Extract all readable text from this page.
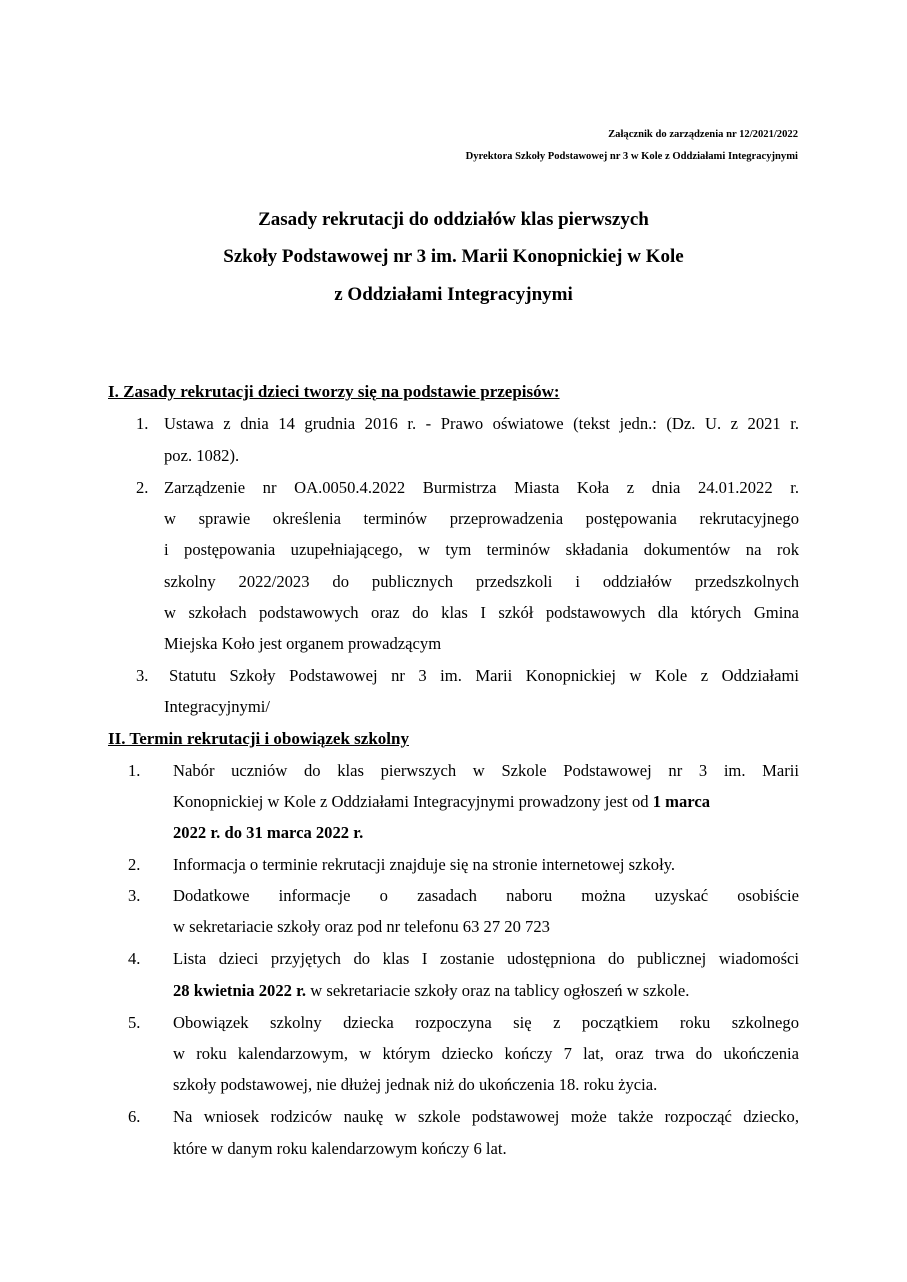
Załącznik do zarządzenia nr 12/2021/2022
Dyrektora Szkoły Podstawowej nr 3 w Kole z Oddziałami Integracyjnymi
Zasady rekrutacji do oddziałów klas pierwszych
Szkoły Podstawowej nr 3 im. Marii Konopnickiej w Kole
z Oddziałami Integracyjnymi
I. Zasady rekrutacji dzieci tworzy się na podstawie przepisów:
1. Ustawa z dnia 14 grudnia 2016 r. - Prawo oświatowe (tekst jedn.: (Dz. U. z 2021 r.
poz. 1082).
2. Zarządzenie nr OA.0050.4.2022 Burmistrza Miasta Koła z dnia 24.01.2022 r.
w sprawie określenia terminów przeprowadzenia postępowania rekrutacyjnego
i postępowania uzupełniającego, w tym terminów składania dokumentów na rok
szkolny 2022/2023 do publicznych przedszkoli i oddziałów przedszkolnych
w szkołach podstawowych oraz do klas I szkół podstawowych dla których Gmina
Miejska Koło jest organem prowadzącym
3. Statutu Szkoły Podstawowej nr 3 im. Marii Konopnickiej w Kole z Oddziałami
Integracyjnymi/
II. Termin rekrutacji i obowiązek szkolny
1. Nabór uczniów do klas pierwszych w Szkole Podstawowej nr 3 im. Marii
Konopnickiej w Kole z Oddziałami Integracyjnymi prowadzony jest od 1 marca
2022 r. do 31 marca 2022 r.
2. Informacja o terminie rekrutacji znajduje się na stronie internetowej szkoły.
3. Dodatkowe informacje o zasadach naboru można uzyskać osobiście
w sekretariacie szkoły oraz pod nr telefonu 63 27 20 723
4. Lista dzieci przyjętych do klas I zostanie udostępniona do publicznej wiadomości
28 kwietnia 2022 r. w sekretariacie szkoły oraz na tablicy ogłoszeń w szkole.
5. Obowiązek szkolny dziecka rozpoczyna się z początkiem roku szkolnego
w roku kalendarzowym, w którym dziecko kończy 7 lat, oraz trwa do ukończenia
szkoły podstawowej, nie dłużej jednak niż do ukończenia 18. roku życia.
6. Na wniosek rodziców naukę w szkole podstawowej może także rozpocząć dziecko,
które w danym roku kalendarzowym kończy 6 lat.
